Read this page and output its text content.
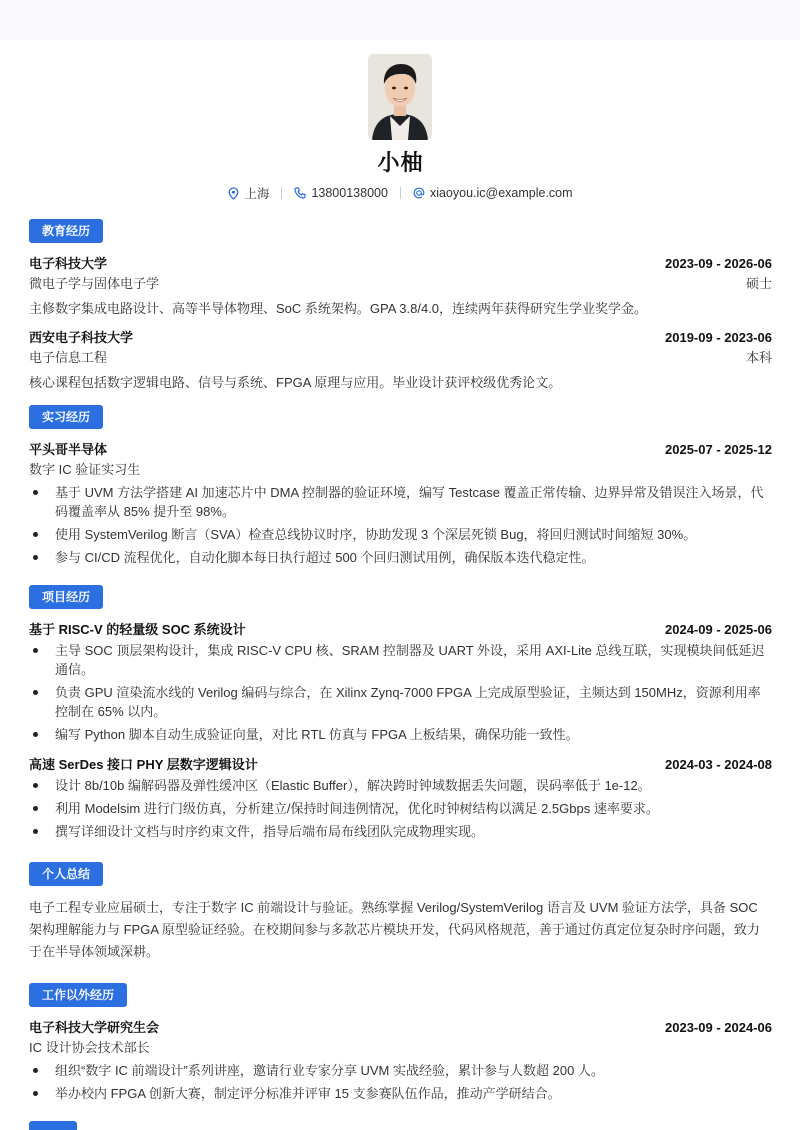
小柚
上海	13800138000	xiaoyou.ic@example.com
教育经历
电子科技大学	2023-09 - 2026-06
微电子学与固体电子学	硕士
主修数字集成电路设计、高等半导体物理、SoC 系统架构。GPA 3.8/4.0，连续两年获得研究生学业奖学金。
西安电子科技大学	2019-09 - 2023-06
电子信息工程	本科
核心课程包括数字逻辑电路、信号与系统、FPGA 原理与应用。毕业设计获评校级优秀论文。
实习经历
平头哥半导体	2025-07 - 2025-12
数字 IC 验证实习生
基于 UVM 方法学搭建 AI 加速芯片中 DMA 控制器的验证环境，编写 Testcase 覆盖正常传输、边界异常及错误注入场景，代码覆盖率从 85% 提升至 98%。
使用 SystemVerilog 断言（SVA）检查总线协议时序，协助发现 3 个深层死锁 Bug，将回归测试时间缩短 30%。
参与 CI/CD 流程优化，自动化脚本每日执行超过 500 个回归测试用例，确保版本迭代稳定性。
项目经历
基于 RISC-V 的轻量级 SOC 系统设计	2024-09 - 2025-06
主导 SOC 顶层架构设计，集成 RISC-V CPU 核、SRAM 控制器及 UART 外设，采用 AXI-Lite 总线互联，实现模块间低延迟通信。
负责 GPU 渲染流水线的 Verilog 编码与综合，在 Xilinx Zynq-7000 FPGA 上完成原型验证，主频达到 150MHz，资源利用率控制在 65% 以内。
编写 Python 脚本自动生成验证向量，对比 RTL 仿真与 FPGA 上板结果，确保功能一致性。
高速 SerDes 接口 PHY 层数字逻辑设计	2024-03 - 2024-08
设计 8b/10b 编解码器及弹性缓冲区（Elastic Buffer），解决跨时钟域数据丢失问题，误码率低于 1e-12。
利用 Modelsim 进行门级仿真，分析建立/保持时间违例情况，优化时钟树结构以满足 2.5Gbps 速率要求。
撰写详细设计文档与时序约束文件，指导后端布局布线团队完成物理实现。
个人总结
电子工程专业应届硕士，专注于数字 IC 前端设计与验证。熟练掌握 Verilog/SystemVerilog 语言及 UVM 验证方法学，具备 SOC
架构理解能力与 FPGA 原型验证经验。在校期间参与多款芯片模块开发，代码风格规范，善于通过仿真定位复杂时序问题，致力
于在半导体领域深耕。
工作以外经历
电子科技大学研究生会	2023-09 - 2024-06
IC 设计协会技术部长
组织“数字 IC 前端设计”系列讲座，邀请行业专家分享 UVM 实战经验，累计参与人数超 200 人。
举办校内 FPGA 创新大赛，制定评分标准并评审 15 支参赛队伍作品，推动产学研结合。
